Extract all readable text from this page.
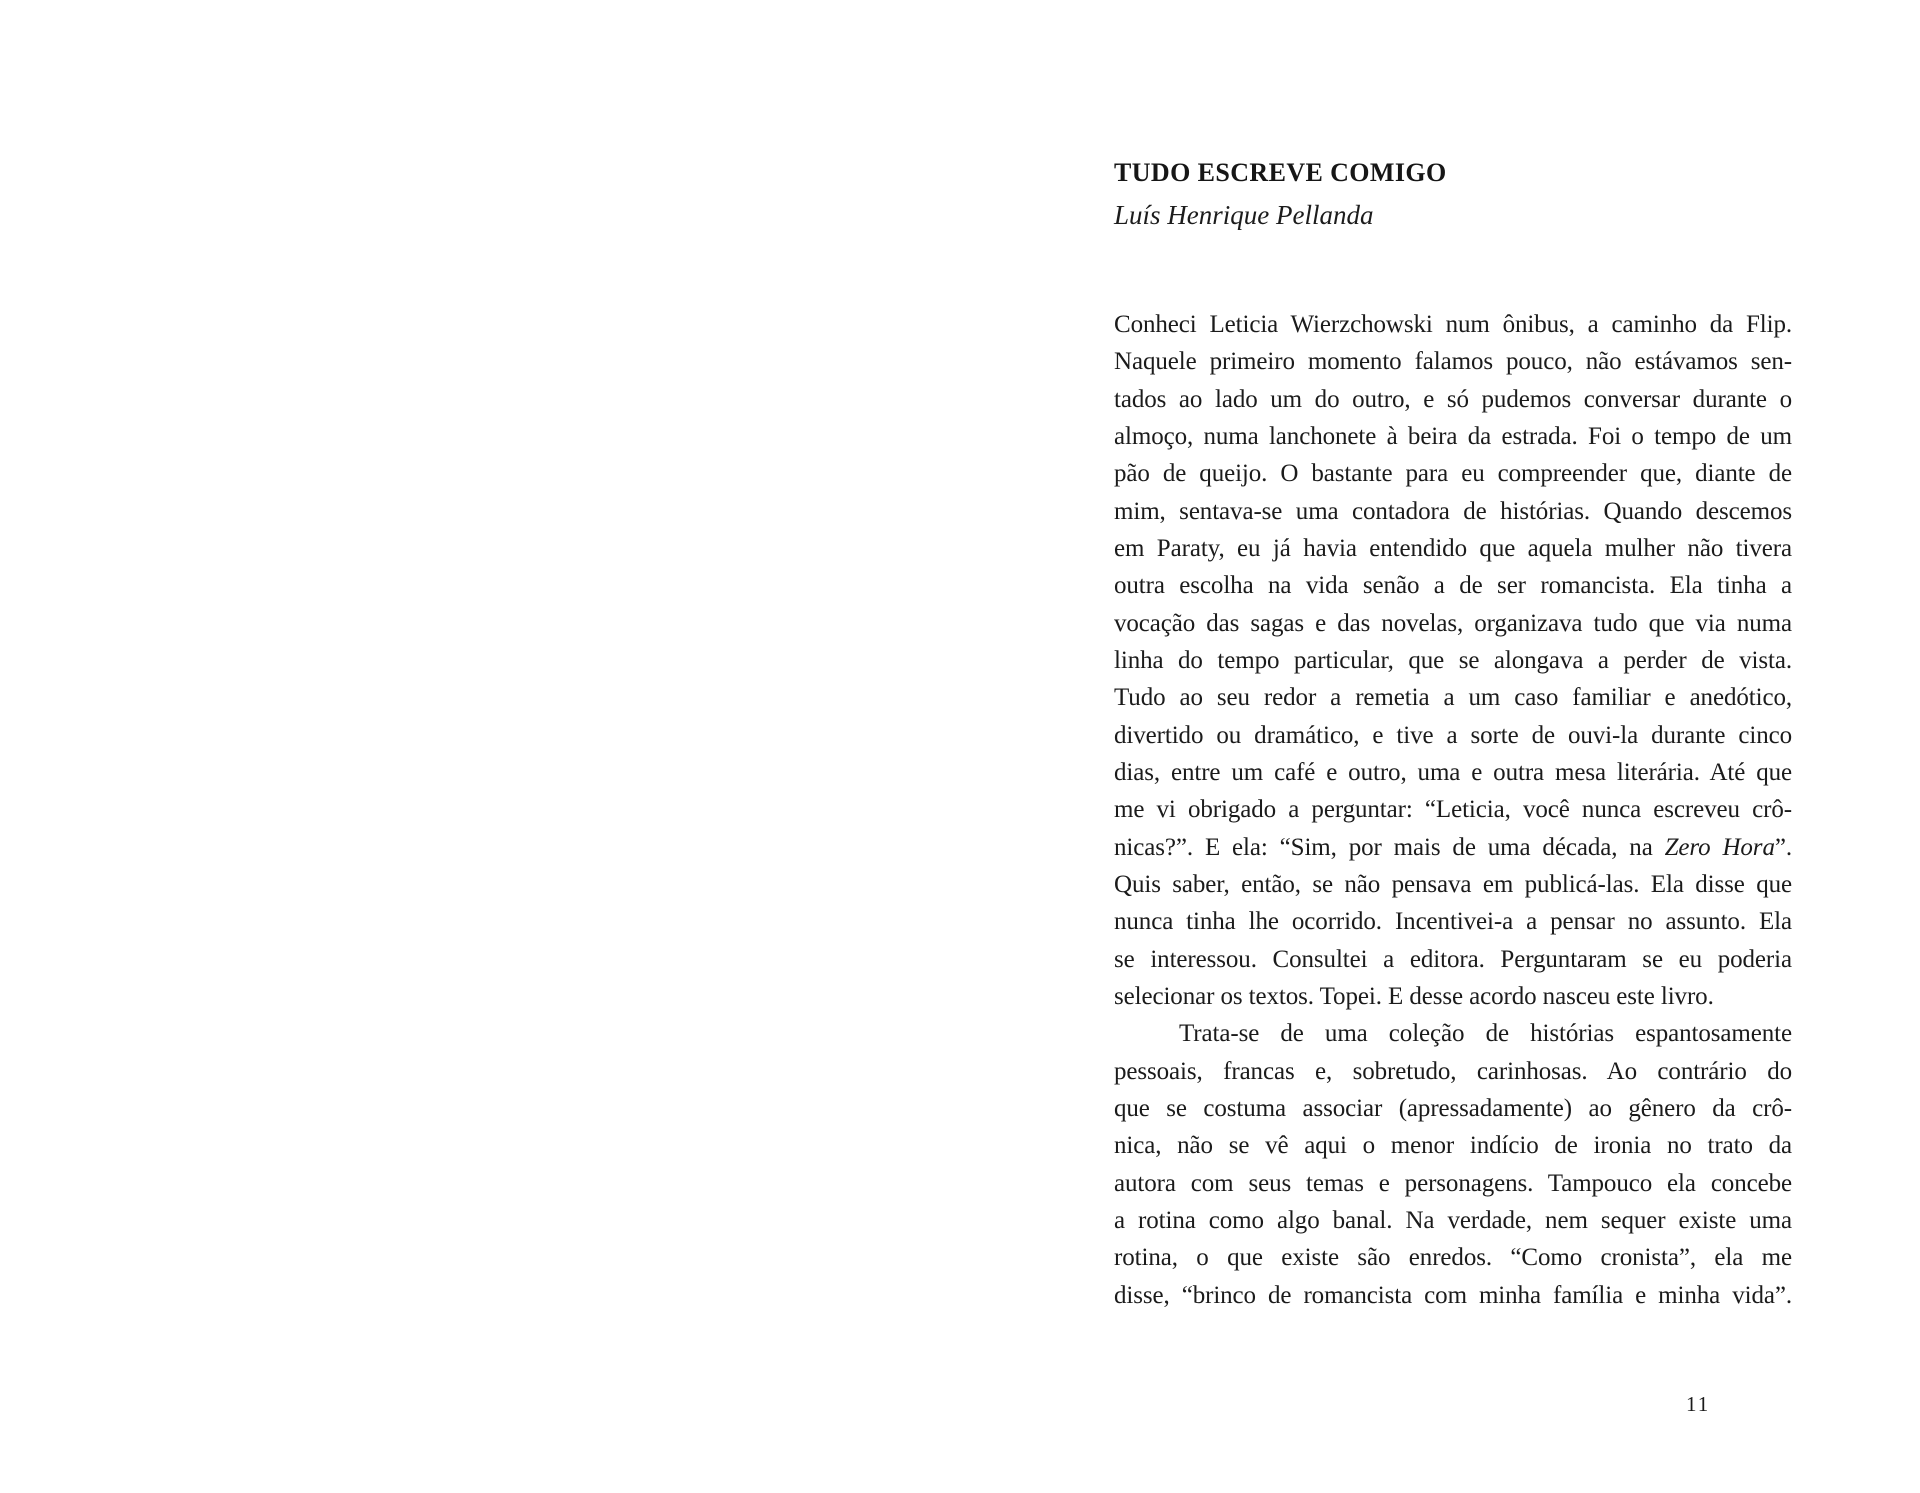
TUDO ESCREVE COMIGO
Luís Henrique Pellanda
Conheci Leticia Wierzchowski num ônibus, a caminho da Flip.
Naquele primeiro momento falamos pouco, não estávamos sen-
tados ao lado um do outro, e só pudemos conversar durante o
almoço, numa lanchonete à beira da estrada. Foi o tempo de um
pão de queijo. O bastante para eu compreender que, diante de
mim, sentava-se uma contadora de histórias. Quando descemos
em Paraty, eu já havia entendido que aquela mulher não tivera
outra escolha na vida senão a de ser romancista. Ela tinha a
vocação das sagas e das novelas, organizava tudo que via numa
linha do tempo particular, que se alongava a perder de vista.
Tudo ao seu redor a remetia a um caso familiar e anedótico,
divertido ou dramático, e tive a sorte de ouvi-la durante cinco
dias, entre um café e outro, uma e outra mesa literária. Até que
me vi obrigado a perguntar: “Leticia, você nunca escreveu crô-
nicas?”. E ela: “Sim, por mais de uma década, na Zero Hora”.
Quis saber, então, se não pensava em publicá-las. Ela disse que
nunca tinha lhe ocorrido. Incentivei-a a pensar no assunto. Ela
se interessou. Consultei a editora. Perguntaram se eu poderia
selecionar os textos. Topei. E desse acordo nasceu este livro.
Trata-se de uma coleção de histórias espantosamente
pessoais, francas e, sobretudo, carinhosas. Ao contrário do
que se costuma associar (apressadamente) ao gênero da crô-
nica, não se vê aqui o menor indício de ironia no trato da
autora com seus temas e personagens. Tampouco ela concebe
a rotina como algo banal. Na verdade, nem sequer existe uma
rotina, o que existe são enredos. “Como cronista”, ela me
disse, “brinco de romancista com minha família e minha vida”.
11
